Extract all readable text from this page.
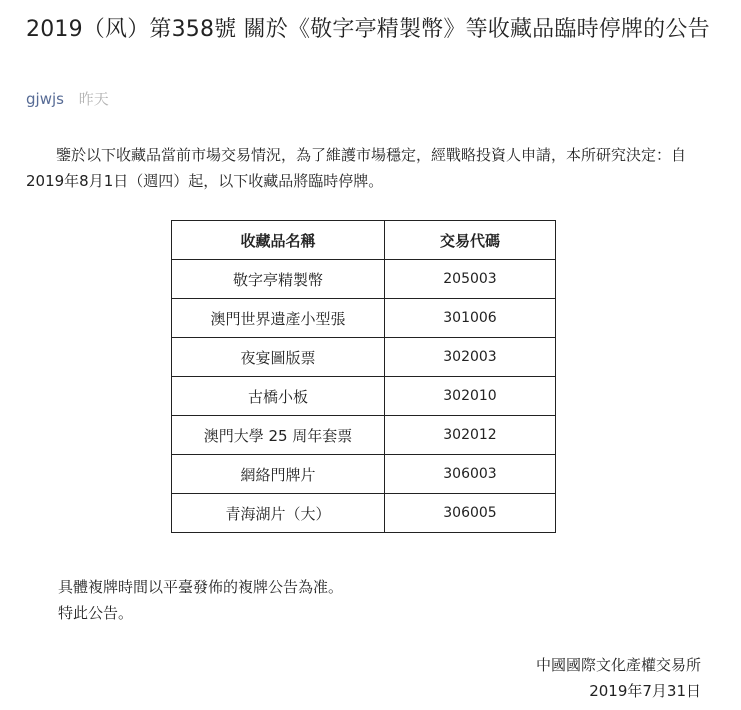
2019（风）第358號 關於《敬字亭精製幣》等收藏品臨時停牌的公告
gjwjs 昨天
鑒於以下收藏品當前市場交易情況，為了維護市場穩定，經戰略投資人申請，本所研究決定：自2019年8月1日（週四）起，以下收藏品將臨時停牌。
收藏品名稱	交易代碼
敬字亭精製幣	205003
澳門世界遺產小型張	301006
夜宴圖版票	302003
古橋小板	302010
澳門大學 25 周年套票	302012
網絡門牌片	306003
青海湖片（大）	306005
具體複牌時間以平臺發佈的複牌公告為准。
特此公告。
中國國際文化產權交易所
2019年7月31日
